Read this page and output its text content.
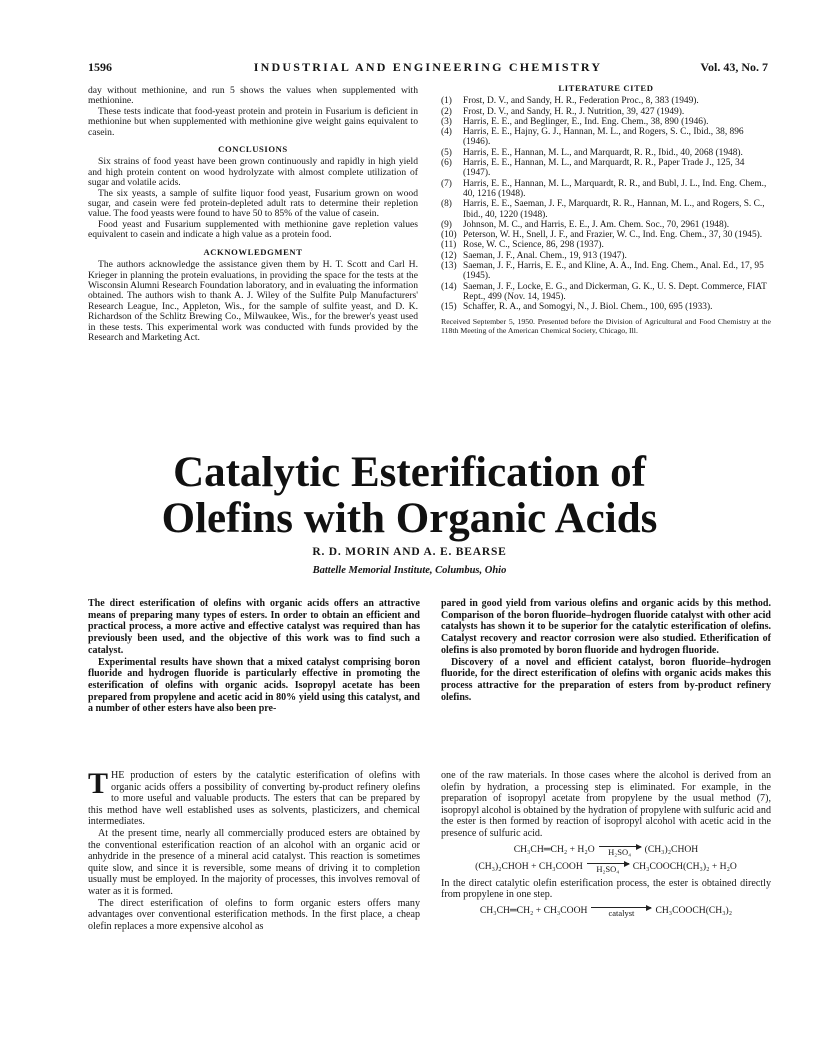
1596	INDUSTRIAL AND ENGINEERING CHEMISTRY	Vol. 43, No. 7

day without methionine, and run 5 shows the values when supplemented with methionine.

These tests indicate that food-yeast protein and protein in Fusarium is deficient in methionine but when supplemented with methionine give weight gains equivalent to casein.

CONCLUSIONS

Six strains of food yeast have been grown continuously and rapidly in high yield and high protein content on wood hydrolyzate with almost complete utilization of sugar and volatile acids.

The six yeasts, a sample of sulfite liquor food yeast, Fusarium grown on wood sugar, and casein were fed protein-depleted adult rats to determine their repletion value. The food yeasts were found to have 50 to 85% of the value of casein.

Food yeast and Fusarium supplemented with methionine gave repletion values equivalent to casein and indicate a high value as a protein food.

ACKNOWLEDGMENT

The authors acknowledge the assistance given them by H. T. Scott and Carl H. Krieger in planning the protein evaluations, in providing the space for the tests at the Wisconsin Alumni Research Foundation laboratory, and in evaluating the information obtained. The authors wish to thank A. J. Wiley of the Sulfite Pulp Manufacturers' Research League, Inc., Appleton, Wis., for the sample of sulfite yeast, and D. K. Richardson of the Schlitz Brewing Co., Milwaukee, Wis., for the brewer's yeast used in these tests. This experimental work was conducted with funds provided by the Research and Marketing Act.

LITERATURE CITED
(1)	Frost, D. V., and Sandy, H. R., Federation Proc., 8, 383 (1949).
(2)	Frost, D. V., and Sandy, H. R., J. Nutrition, 39, 427 (1949).
(3)	Harris, E. E., and Beglinger, E., Ind. Eng. Chem., 38, 890 (1946).
(4)	Harris, E. E., Hajny, G. J., Hannan, M. L., and Rogers, S. C., Ibid., 38, 896 (1946).
(5)	Harris, E. E., Hannan, M. L., and Marquardt, R. R., Ibid., 40, 2068 (1948).
(6)	Harris, E. E., Hannan, M. L., and Marquardt, R. R., Paper Trade J., 125, 34 (1947).
(7)	Harris, E. E., Hannan, M. L., Marquardt, R. R., and Bubl, J. L., Ind. Eng. Chem., 40, 1216 (1948).
(8)	Harris, E. E., Saeman, J. F., Marquardt, R. R., Hannan, M. L., and Rogers, S. C., Ibid., 40, 1220 (1948).
(9)	Johnson, M. C., and Harris, E. E., J. Am. Chem. Soc., 70, 2961 (1948).
(10) Peterson, W. H., Snell, J. F., and Frazier, W. C., Ind. Eng. Chem., 37, 30 (1945).
(11) Rose, W. C., Science, 86, 298 (1937).
(12) Saeman, J. F., Anal. Chem., 19, 913 (1947).
(13) Saeman, J. F., Harris, E. E., and Kline, A. A., Ind. Eng. Chem., Anal. Ed., 17, 95 (1945).
(14) Saeman, J. F., Locke, E. G., and Dickerman, G. K., U. S. Dept. Commerce, FIAT Rept., 499 (Nov. 14, 1945).
(15) Schaffer, R. A., and Somogyi, N., J. Biol. Chem., 100, 695 (1933).
Received September 5, 1950. Presented before the Division of Agricultural and Food Chemistry at the 118th Meeting of the American Chemical Society, Chicago, Ill.
Catalytic Esterification of
Olefins with Organic Acids
R. D. MORIN AND A. E. BEARSE
Battelle Memorial Institute, Columbus, Ohio

The direct esterification of olefins with organic acids offers an attractive means of preparing many types of esters. In order to obtain an efficient and practical process, a more active and effective catalyst was required than has previously been used, and the objective of this work was to find such a catalyst.

Experimental results have shown that a mixed catalyst comprising boron fluoride and hydrogen fluoride is particularly effective in promoting the esterification of olefins with organic acids. Isopropyl acetate has been prepared from propylene and acetic acid in 80% yield using this catalyst, and a number of other esters have also been pre-

pared in good yield from various olefins and organic acids by this method. Comparison of the boron fluoride–hydrogen fluoride catalyst with other acid catalysts has shown it to be superior for the catalytic esterification of olefins. Catalyst recovery and reactor corrosion were also studied. Etherification of olefins is also promoted by boron fluoride and hydrogen fluoride.

Discovery of a novel and efficient catalyst, boron fluoride–hydrogen fluoride, for the direct esterification of olefins with organic acids makes this process attractive for the preparation of esters from by-product refinery olefins.

THE production of esters by the catalytic esterification of olefins with organic acids offers a possibility of converting by-product refinery olefins to more useful and valuable products. The esters that can be prepared by this method have well established uses as solvents, plasticizers, and chemical intermediates.

At the present time, nearly all commercially produced esters are obtained by the conventional esterification reaction of an alcohol with an organic acid or anhydride in the presence of a mineral acid catalyst. This reaction is sometimes quite slow, and since it is reversible, some means of driving it to completion usually must be employed. In the majority of processes, this involves removal of water as it is formed.

The direct esterification of olefins to form organic esters offers many advantages over conventional esterification methods. In the first place, a cheap olefin replaces a more expensive alcohol as

one of the raw materials. In those cases where the alcohol is derived from an olefin by hydration, a processing step is eliminated. For example, in the preparation of isopropyl acetate from propylene by the usual method (7), isopropyl alcohol is obtained by the hydration of propylene with sulfuric acid and the ester is then formed by reaction of isopropyl alcohol with acetic acid in the presence of sulfuric acid.

CH₃CH═CH₂ + H₂O	H₂SO₄	(CH₃)₂CHOH
(CH₃)₂CHOH + CH₃COOH	H₂SO₄	CH₃COOCH(CH₃)₂ + H₂O

In the direct catalytic olefin esterification process, the ester is obtained directly from propylene in one step.

CH₃CH═CH₂ + CH₃COOH	catalyst	CH₃COOCH(CH₃)₂
